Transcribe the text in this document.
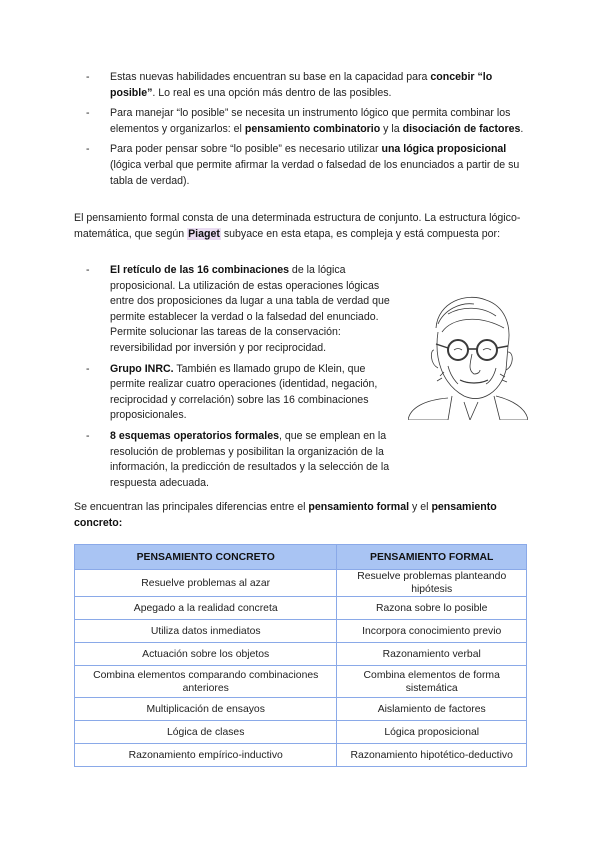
- Estas nuevas habilidades encuentran su base en la capacidad para concebir “lo posible”. Lo real es una opción más dentro de las posibles.
- Para manejar “lo posible” se necesita un instrumento lógico que permita combinar los elementos y organizarlos: el pensamiento combinatorio y la disociación de factores.
- Para poder pensar sobre “lo posible” es necesario utilizar una lógica proposicional (lógica verbal que permite afirmar la verdad o falsedad de los enunciados a partir de su tabla de verdad).

El pensamiento formal consta de una determinada estructura de conjunto. La estructura lógico-matemática, que según Piaget subyace en esta etapa, es compleja y está compuesta por:

- El retículo de las 16 combinaciones de la lógica proposicional. La utilización de estas operaciones lógicas entre dos proposiciones da lugar a una tabla de verdad que permite establecer la verdad o la falsedad del enunciado. Permite solucionar las tareas de la conservación: reversibilidad por inversión y por reciprocidad.
- Grupo INRC. También es llamado grupo de Klein, que permite realizar cuatro operaciones (identidad, negación, reciprocidad y correlación) sobre las 16 combinaciones proposicionales.
- 8 esquemas operatorios formales, que se emplean en la resolución de problemas y posibilitan la organización de la información, la predicción de resultados y la selección de la respuesta adecuada.

Se encuentran las principales diferencias entre el pensamiento formal y el pensamiento concreto:

PENSAMIENTO CONCRETO	PENSAMIENTO FORMAL
Resuelve problemas al azar	Resuelve problemas planteando hipótesis
Apegado a la realidad concreta	Razona sobre lo posible
Utiliza datos inmediatos	Incorpora conocimiento previo
Actuación sobre los objetos	Razonamiento verbal
Combina elementos comparando combinaciones anteriores	Combina elementos de forma sistemática
Multiplicación de ensayos	Aislamiento de factores
Lógica de clases	Lógica proposicional
Razonamiento empírico-inductivo	Razonamiento hipotético-deductivo
